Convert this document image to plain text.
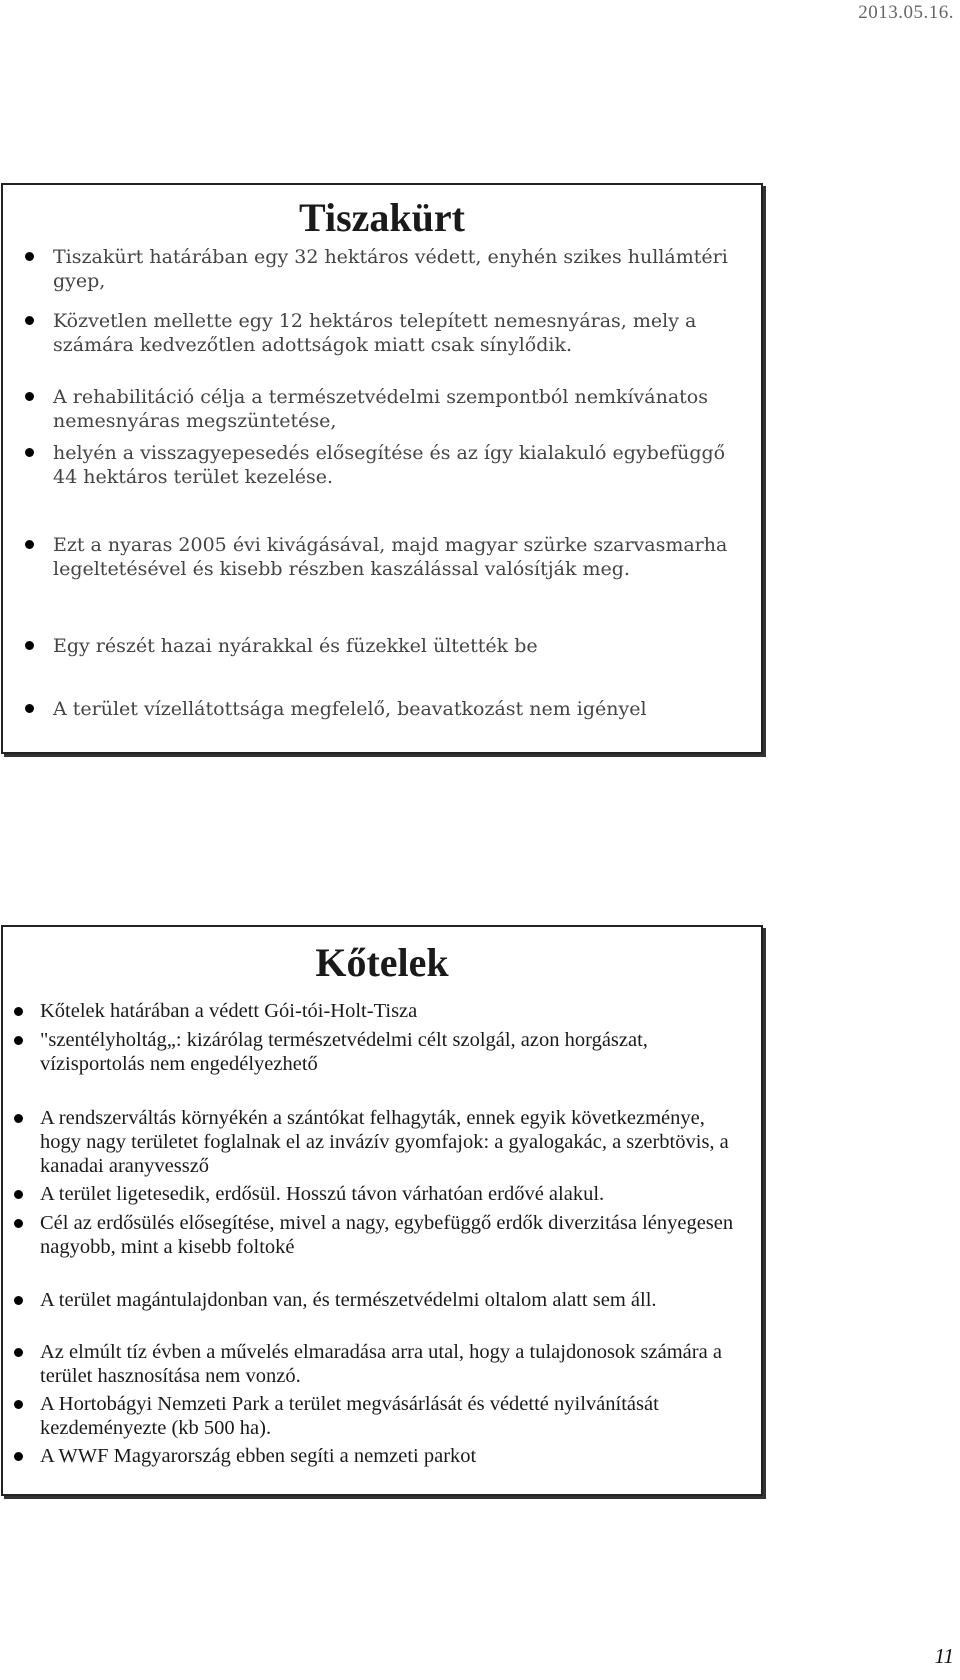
2013.05.16.
Tiszakürt
Tiszakürt határában egy 32 hektáros védett, enyhén szikes hullámtéri gyep,
Közvetlen mellette egy 12 hektáros telepített nemesnyáras, mely a számára kedvezőtlen adottságok miatt csak sínylődik.
A rehabilitáció célja a természetvédelmi szempontból nemkívánatos nemesnyáras megszüntetése,
helyén a visszagyepesedés elősegítése és az így kialakuló egybefüggő 44 hektáros terület kezelése.
Ezt a nyaras 2005 évi kivágásával, majd magyar szürke szarvasmarha legeltetésével és kisebb részben kaszálással valósítják meg.
Egy részét hazai nyárakkal és füzekkel ültették be
A terület vízellátottsága megfelelő, beavatkozást nem igényel
Kőtelek
Kőtelek határában a védett Gói-tói-Holt-Tisza
"szentélyholtág„: kizárólag természetvédelmi célt szolgál, azon horgászat, vízisportolás nem engedélyezhető
A rendszerváltás környékén a szántókat felhagyták, ennek egyik következménye, hogy nagy területet foglalnak el az invázív gyomfajok: a gyalogakác, a szerbtövis, a kanadai aranyvessző
A terület ligetesedik, erdősül. Hosszú távon várhatóan erdővé alakul.
Cél az erdősülés elősegítése, mivel a nagy, egybefüggő erdők diverzitása lényegesen nagyobb, mint a kisebb foltoké
A terület magántulajdonban van, és természetvédelmi oltalom alatt sem áll.
Az elmúlt tíz évben a művelés elmaradása arra utal, hogy a tulajdonosok számára a terület hasznosítása nem vonzó.
A Hortobágyi Nemzeti Park a terület megvásárlását és védetté nyilvánítását kezdeményezte (kb 500 ha).
A WWF Magyarország ebben segíti a nemzeti parkot
11
